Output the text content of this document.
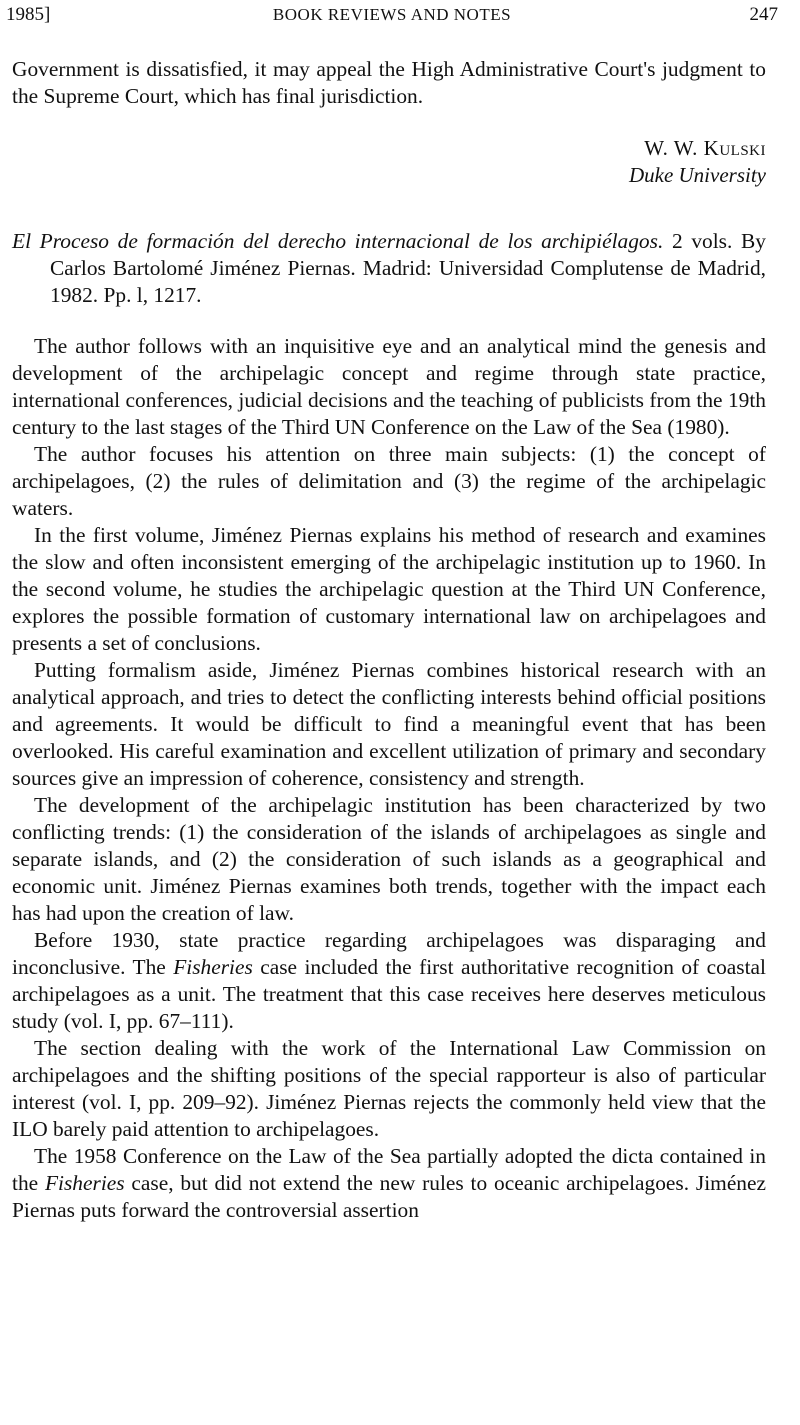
1985]	BOOK REVIEWS AND NOTES	247

Government is dissatisfied, it may appeal the High Administrative Court's judgment to the Supreme Court, which has final jurisdiction.

W. W. Kulski
Duke University
El Proceso de formación del derecho internacional de los archipiélagos. 2 vols. By Carlos Bartolomé Jiménez Piernas. Madrid: Universidad Complutense de Madrid, 1982. Pp. l, 1217.

The author follows with an inquisitive eye and an analytical mind the genesis and development of the archipelagic concept and regime through state practice, international conferences, judicial decisions and the teaching of publicists from the 19th century to the last stages of the Third UN Conference on the Law of the Sea (1980).

The author focuses his attention on three main subjects: (1) the concept of archipelagoes, (2) the rules of delimitation and (3) the regime of the archipelagic waters.

In the first volume, Jiménez Piernas explains his method of research and examines the slow and often inconsistent emerging of the archipelagic institution up to 1960. In the second volume, he studies the archipelagic question at the Third UN Conference, explores the possible formation of customary international law on archipelagoes and presents a set of conclusions.

Putting formalism aside, Jiménez Piernas combines historical research with an analytical approach, and tries to detect the conflicting interests behind official positions and agreements. It would be difficult to find a meaningful event that has been overlooked. His careful examination and excellent utilization of primary and secondary sources give an impression of coherence, consistency and strength.

The development of the archipelagic institution has been characterized by two conflicting trends: (1) the consideration of the islands of archipelagoes as single and separate islands, and (2) the consideration of such islands as a geographical and economic unit. Jiménez Piernas examines both trends, together with the impact each has had upon the creation of law.

Before 1930, state practice regarding archipelagoes was disparaging and inconclusive. The Fisheries case included the first authoritative recognition of coastal archipelagoes as a unit. The treatment that this case receives here deserves meticulous study (vol. I, pp. 67–111).

The section dealing with the work of the International Law Commission on archipelagoes and the shifting positions of the special rapporteur is also of particular interest (vol. I, pp. 209–92). Jiménez Piernas rejects the commonly held view that the ILO barely paid attention to archipelagoes.

The 1958 Conference on the Law of the Sea partially adopted the dicta contained in the Fisheries case, but did not extend the new rules to oceanic archipelagoes. Jiménez Piernas puts forward the controversial assertion
